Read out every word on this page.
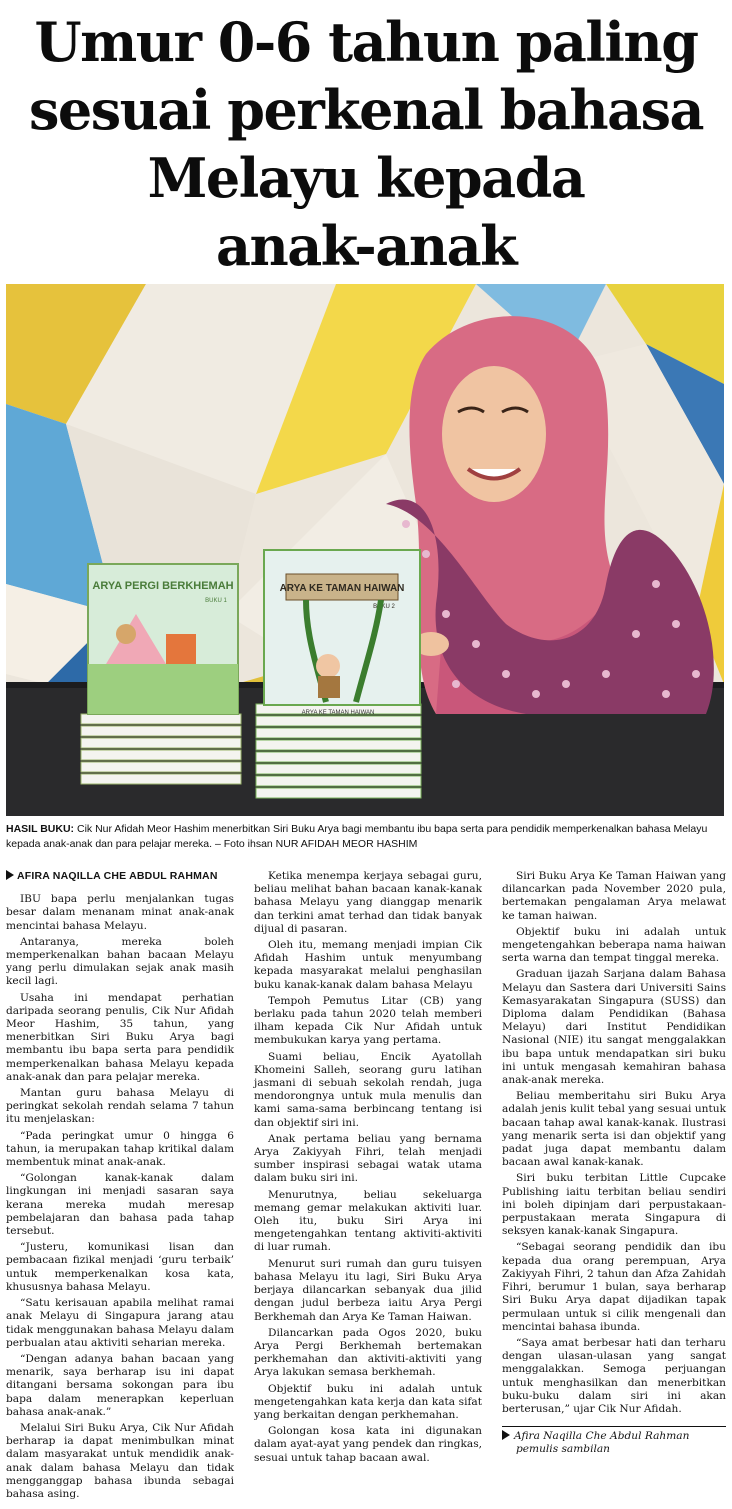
Umur 0-6 tahun paling
sesuai perkenal bahasa
Melayu kepada
anak-anak
ARYA PERGI BERKHEMAH
BUKU 1
ARYA KE TAMAN HAIWAN
BUKU 2
ARYA KE TAMAN HAIWAN

HASIL BUKU: Cik Nur Afidah Meor Hashim menerbitkan Siri Buku Arya bagi membantu ibu bapa serta para pendidik memperkenalkan bahasa Melayu kepada anak-anak dan para pelajar mereka. – Foto ihsan NUR AFIDAH MEOR HASHIM

AFIRA NAQILLA CHE ABDUL RAHMAN

IBU bapa perlu menjalankan tugas besar dalam menanam minat anak-anak mencintai bahasa Melayu.

Antaranya, mereka boleh memperkenalkan bahan bacaan Melayu yang perlu dimulakan sejak anak masih kecil lagi.

Usaha ini mendapat perhatian daripada seorang penulis, Cik Nur Afidah Meor Hashim, 35 tahun, yang menerbitkan Siri Buku Arya bagi membantu ibu bapa serta para pendidik memperkenalkan bahasa Melayu kepada anak-anak dan para pelajar mereka.

Mantan guru bahasa Melayu di peringkat sekolah rendah selama 7 tahun itu menjelaskan:

“Pada peringkat umur 0 hingga 6 tahun, ia merupakan tahap kritikal dalam membentuk minat anak-anak.

“Golongan kanak-kanak dalam lingkungan ini menjadi sasaran saya kerana mereka mudah meresap pembelajaran dan bahasa pada tahap tersebut.

“Justeru, komunikasi lisan dan pembacaan fizikal menjadi ‘guru terbaik’ untuk memperkenalkan kosa kata, khususnya bahasa Melayu.

“Satu kerisauan apabila melihat ramai anak Melayu di Singapura jarang atau tidak menggunakan bahasa Melayu dalam perbualan atau aktiviti seharian mereka.

“Dengan adanya bahan bacaan yang menarik, saya berharap isu ini dapat ditangani bersama sokongan para ibu bapa dalam menerapkan keperluan bahasa anak-anak.”

Melalui Siri Buku Arya, Cik Nur Afidah berharap ia dapat menimbulkan minat dalam masyarakat untuk mendidik anak-anak dalam bahasa Melayu dan tidak mengganggap bahasa ibunda sebagai bahasa asing.

Ketika menempa kerjaya sebagai guru, beliau melihat bahan bacaan kanak-kanak bahasa Melayu yang dianggap menarik dan terkini amat terhad dan tidak banyak dijual di pasaran.

Oleh itu, memang menjadi impian Cik Afidah Hashim untuk menyumbang kepada masyarakat melalui penghasilan buku kanak-kanak dalam bahasa Melayu

Tempoh Pemutus Litar (CB) yang berlaku pada tahun 2020 telah memberi ilham kepada Cik Nur Afidah untuk membukukan karya yang pertama.

Suami beliau, Encik Ayatollah Khomeini Salleh, seorang guru latihan jasmani di sebuah sekolah rendah, juga mendorongnya untuk mula menulis dan kami sama-sama berbincang tentang isi dan objektif siri ini.

Anak pertama beliau yang bernama Arya Zakiyyah Fihri, telah menjadi sumber inspirasi sebagai watak utama dalam buku siri ini.

Menurutnya, beliau sekeluarga memang gemar melakukan aktiviti luar. Oleh itu, buku Siri Arya ini mengetengahkan tentang aktiviti-aktiviti di luar rumah.

Menurut suri rumah dan guru tuisyen bahasa Melayu itu lagi, Siri Buku Arya berjaya dilancarkan sebanyak dua jilid dengan judul berbeza iaitu Arya Pergi Berkhemah dan Arya Ke Taman Haiwan.

Dilancarkan pada Ogos 2020, buku Arya Pergi Berkhemah bertemakan perkhemahan dan aktiviti-aktiviti yang Arya lakukan semasa berkhemah.

Objektif buku ini adalah untuk mengetengahkan kata kerja dan kata sifat yang berkaitan dengan perkhemahan.

Golongan kosa kata ini digunakan dalam ayat-ayat yang pendek dan ringkas, sesuai untuk tahap bacaan awal.

Siri Buku Arya Ke Taman Haiwan yang dilancarkan pada November 2020 pula, bertemakan pengalaman Arya melawat ke taman haiwan.

Objektif buku ini adalah untuk mengetengahkan beberapa nama haiwan serta warna dan tempat tinggal mereka.

Graduan ijazah Sarjana dalam Bahasa Melayu dan Sastera dari Universiti Sains Kemasyarakatan Singapura (SUSS) dan Diploma dalam Pendidikan (Bahasa Melayu) dari Institut Pendidikan Nasional (NIE) itu sangat menggalakkan ibu bapa untuk mendapatkan siri buku ini untuk mengasah kemahiran bahasa anak-anak mereka.

Beliau memberitahu siri Buku Arya adalah jenis kulit tebal yang sesuai untuk bacaan tahap awal kanak-kanak. Ilustrasi yang menarik serta isi dan objektif yang padat juga dapat membantu dalam bacaan awal kanak-kanak.

Siri buku terbitan Little Cupcake Publishing iaitu terbitan beliau sendiri ini boleh dipinjam dari perpustakaan-perpustakaan merata Singapura di seksyen kanak-kanak Singapura.

“Sebagai seorang pendidik dan ibu kepada dua orang perempuan, Arya Zakiyyah Fihri, 2 tahun dan Afza Zahidah Fihri, berumur 1 bulan, saya berharap Siri Buku Arya dapat dijadikan tapak permulaan untuk si cilik mengenali dan mencintai bahasa ibunda.

“Saya amat berbesar hati dan terharu dengan ulasan-ulasan yang sangat menggalakkan. Semoga perjuangan untuk menghasilkan dan menerbitkan buku-buku dalam siri ini akan berterusan,” ujar Cik Nur Afidah.

Afira Naqilla Che Abdul Rahman
pemulis sambilan
